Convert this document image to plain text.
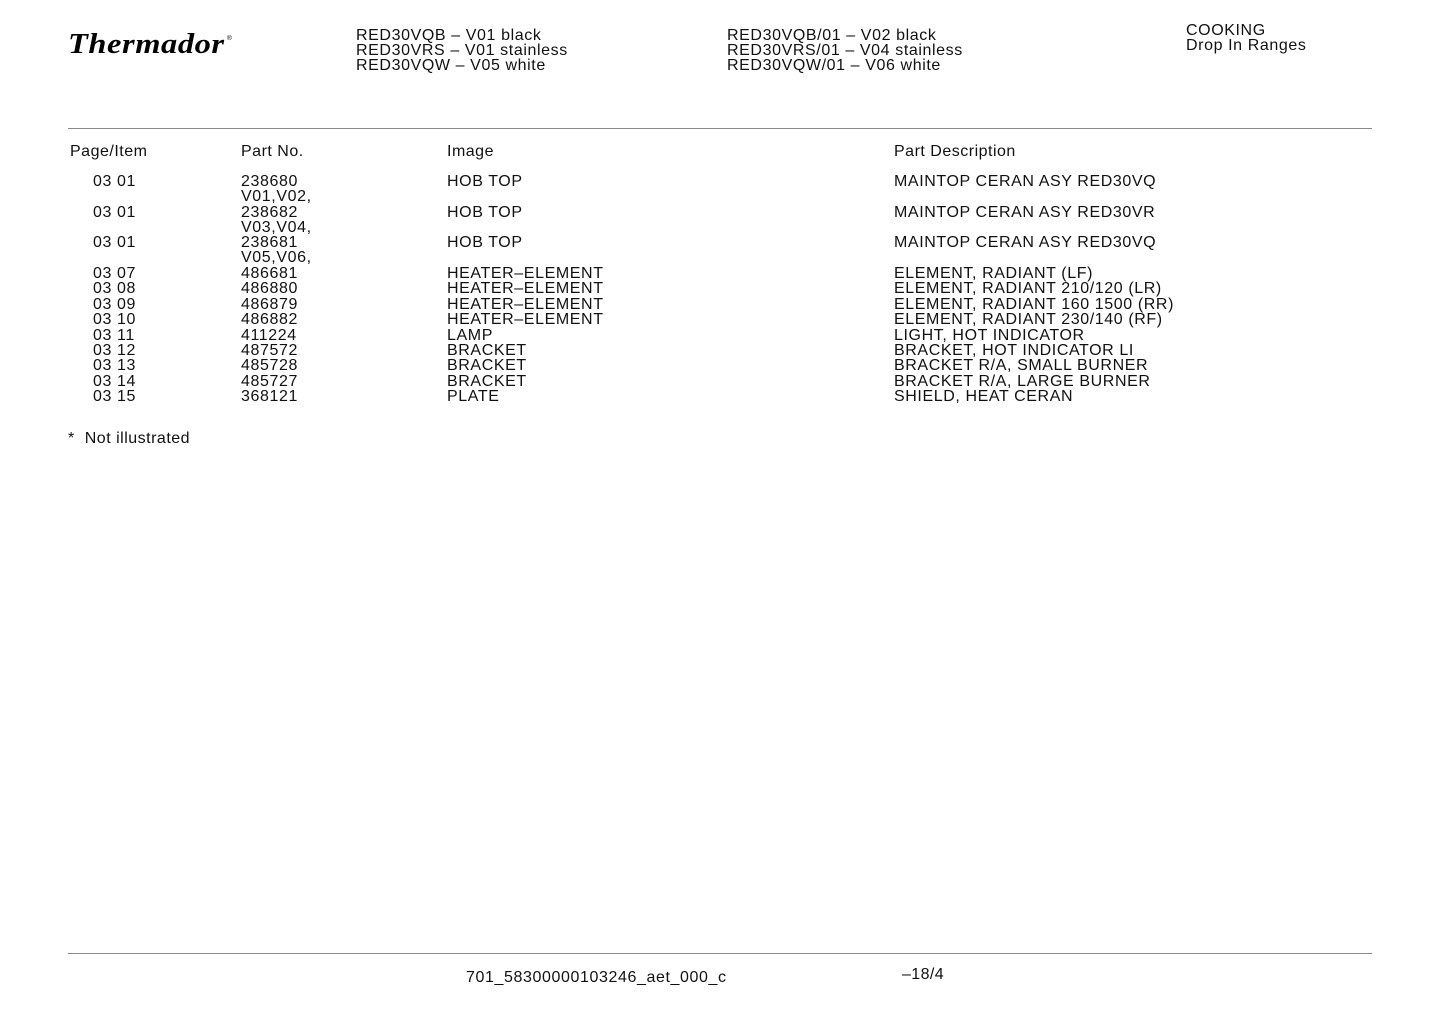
Thermador ®	RED30VQB – V01 black
RED30VRS – V01 stainless
RED30VQW – V05 white
RED30VQB/01 – V02 black
RED30VRS/01 – V04 stainless
RED30VQW/01 – V06 white
COOKING
Drop In Ranges
Page/Item	Part No.	Image	Part Description
03 01	238680	HOB TOP	MAINTOP CERAN ASY RED30VQ
V01,V02,
03 01	238682	HOB TOP	MAINTOP CERAN ASY RED30VR
V03,V04,
03 01	238681	HOB TOP	MAINTOP CERAN ASY RED30VQ
V05,V06,
03 07	486681	HEATER–ELEMENT	ELEMENT, RADIANT (LF)
03 08	486880	HEATER–ELEMENT	ELEMENT, RADIANT 210/120 (LR)
03 09	486879	HEATER–ELEMENT	ELEMENT, RADIANT 160 1500 (RR)
03 10	486882	HEATER–ELEMENT	ELEMENT, RADIANT 230/140 (RF)
03 11	411224	LAMP	LIGHT, HOT INDICATOR
03 12	487572	BRACKET	BRACKET, HOT INDICATOR LI
03 13	485728	BRACKET	BRACKET R/A, SMALL BURNER
03 14	485727	BRACKET	BRACKET R/A, LARGE BURNER
03 15	368121	PLATE	SHIELD, HEAT CERAN
* Not illustrated
701_58300000103246_aet_000_c	–18/4
